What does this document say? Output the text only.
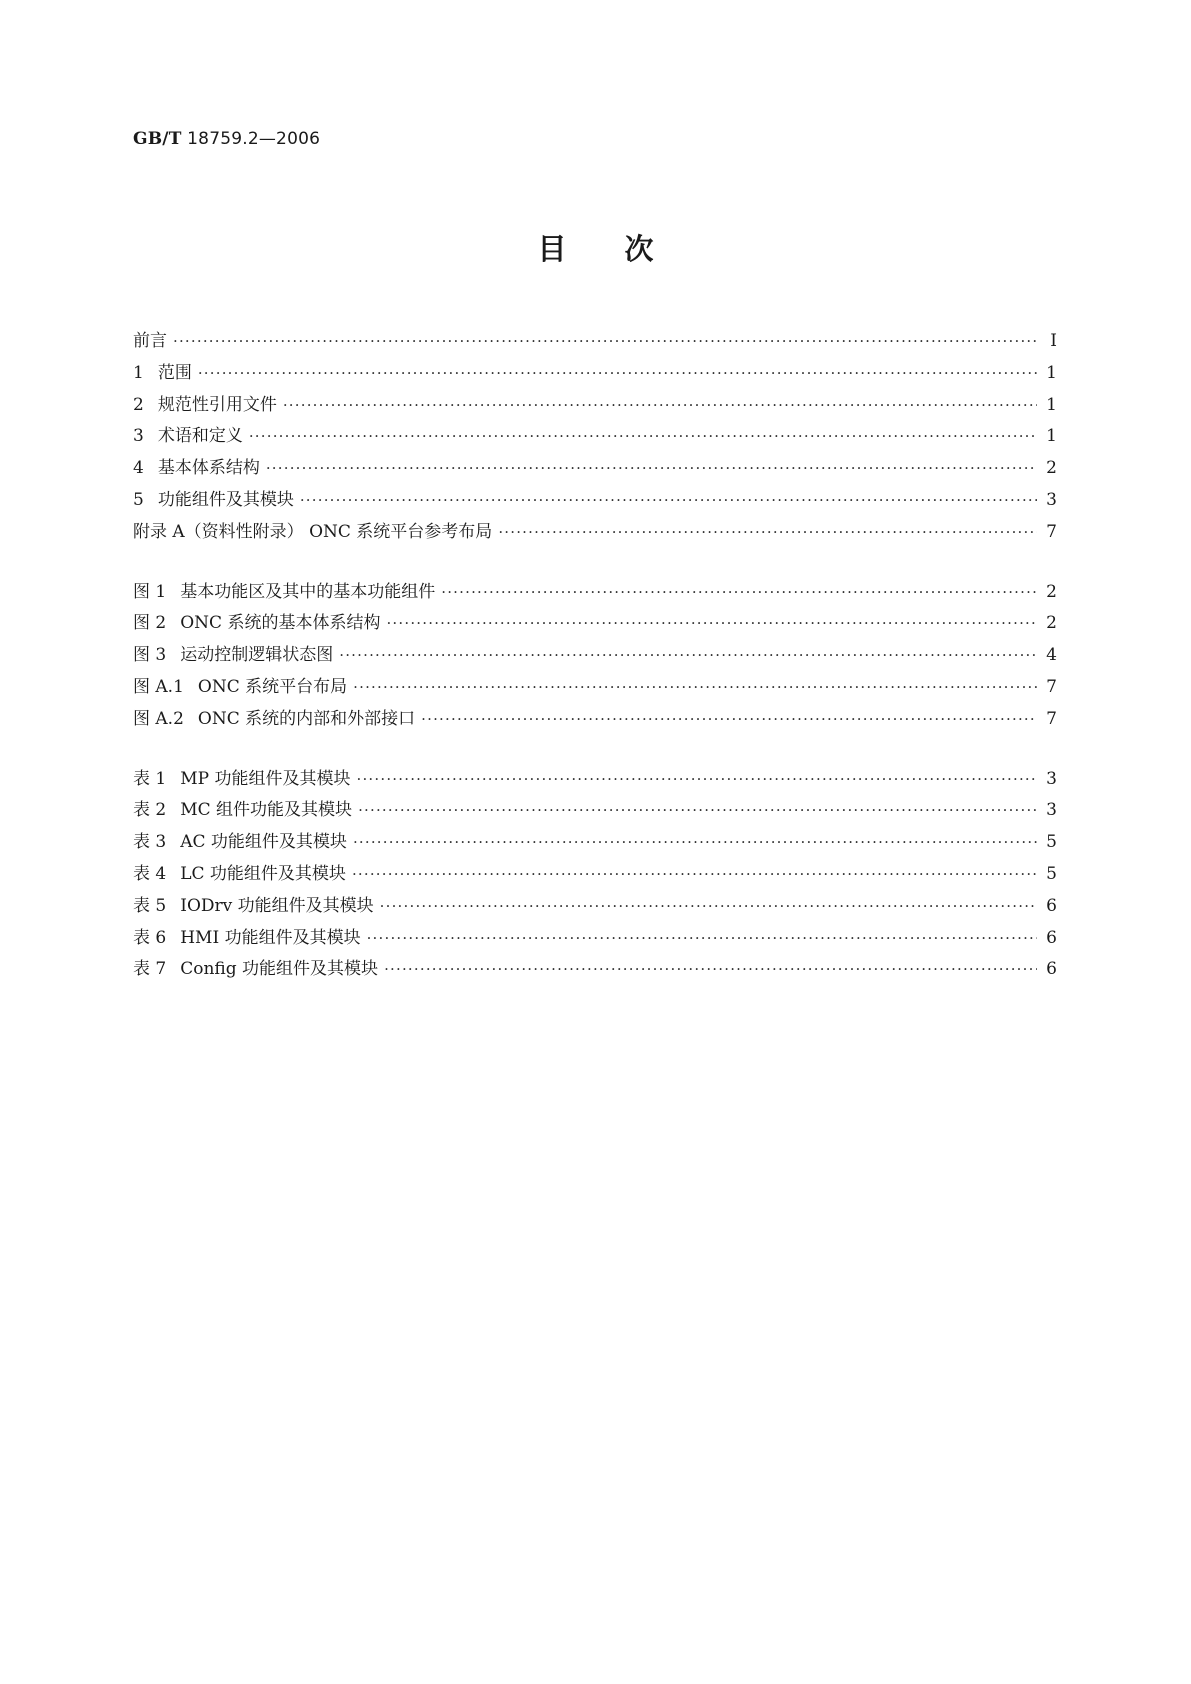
GB/T 18759.2—2006
目次
前言 ·····	I
1 范围 ·····	1
2 规范性引用文件 ·····	1
3 术语和定义 ·····	1
4 基本体系结构 ·····	2
5 功能组件及其模块 ·····	3
附录 A（资料性附录） ONC 系统平台参考布局 ·····	7
图 1 基本功能区及其中的基本功能组件 ·····	2
图 2 ONC 系统的基本体系结构 ·····	2
图 3 运动控制逻辑状态图 ·····	4
图 A.1 ONC 系统平台布局 ·····	7
图 A.2 ONC 系统的内部和外部接口 ·····	7
表 1 MP 功能组件及其模块 ·····	3
表 2 MC 组件功能及其模块 ·····	3
表 3 AC 功能组件及其模块 ·····	5
表 4 LC 功能组件及其模块 ·····	5
表 5 IODrv 功能组件及其模块 ·····	6
表 6 HMI 功能组件及其模块 ·····	6
表 7 Config 功能组件及其模块 ·····	6
